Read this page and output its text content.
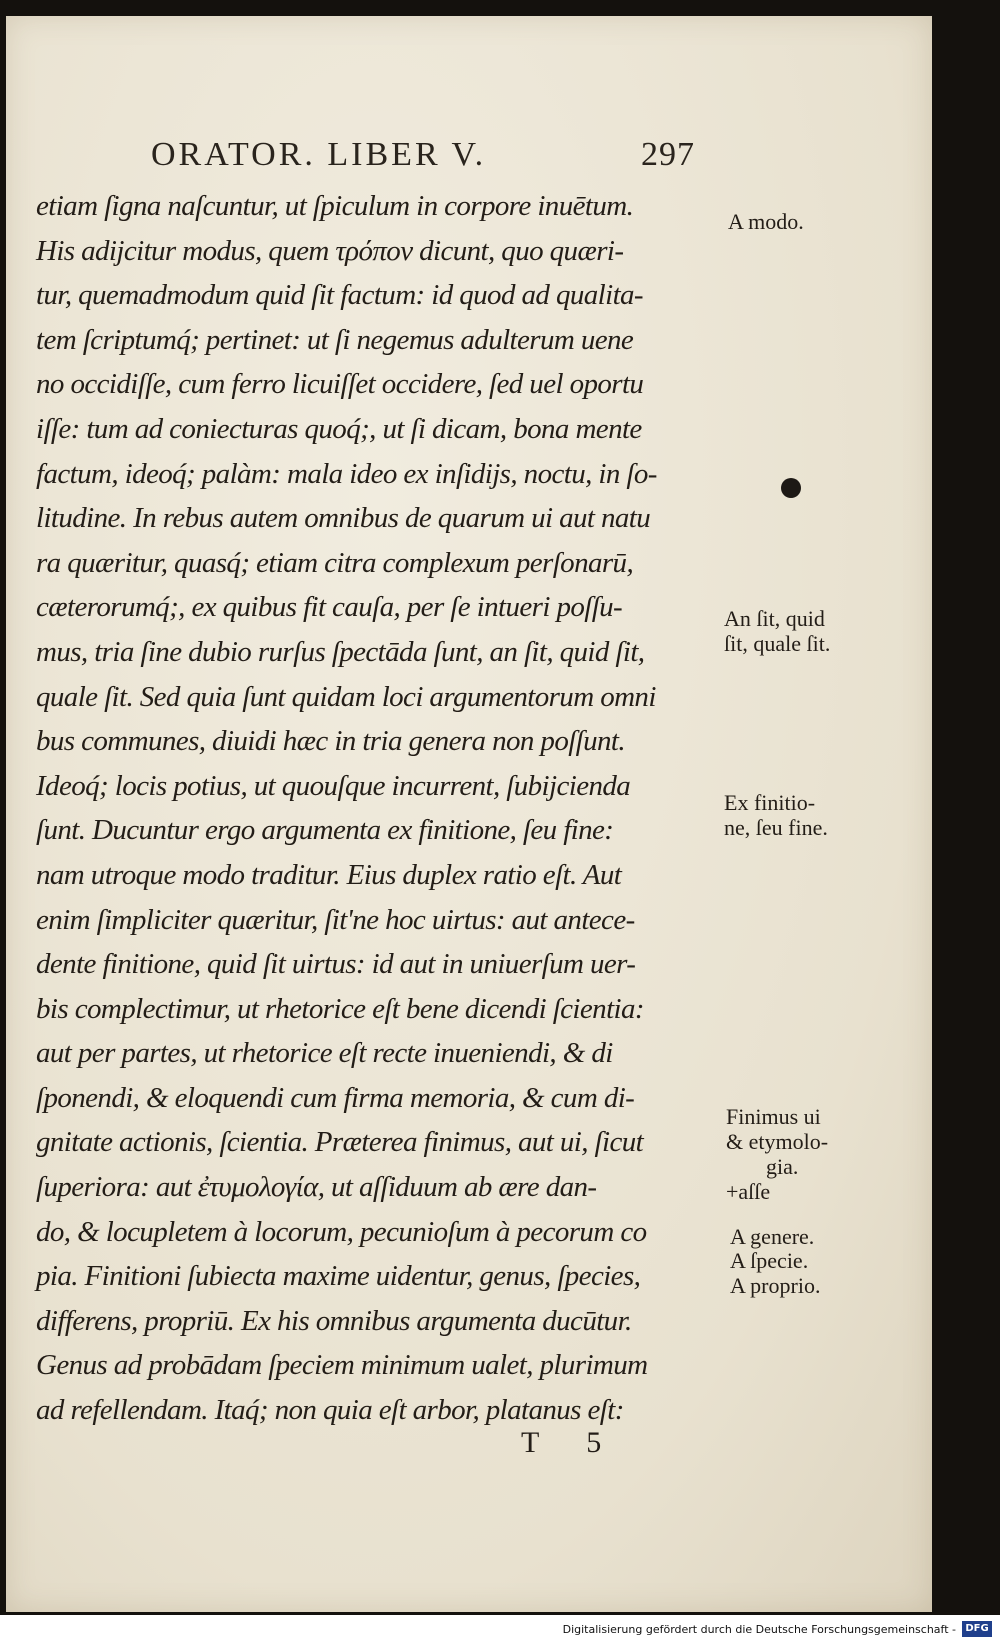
ORATOR. LIBER V.	297
etiam ſigna naſcuntur, ut ſpiculum in corpore inuētum.
His adijcitur modus, quem τρόπον dicunt, quo quæri-
tur, quemadmodum quid ſit factum: id quod ad qualita-
tem ſcriptumq́; pertinet: ut ſi negemus adulterum uene
no occidiſſe, cum ferro licuiſſet occidere, ſed uel oportu
iſſe: tum ad coniecturas quoq́;, ut ſi dicam, bona mente
factum, ideoq́; palàm: mala ideo ex inſidijs, noctu, in ſo-
litudine. In rebus autem omnibus de quarum ui aut natu
ra quæritur, quasq́; etiam citra complexum perſonarū,
cæterorumq́;, ex quibus fit cauſa, per ſe intueri poſſu-
mus, tria ſine dubio rurſus ſpectāda ſunt, an ſit, quid ſit,
quale ſit. Sed quia ſunt quidam loci argumentorum omni
bus communes, diuidi hæc in tria genera non poſſunt.
Ideoq́; locis potius, ut quouſque incurrent, ſubijcienda
ſunt. Ducuntur ergo argumenta ex finitione, ſeu fine:
nam utroque modo traditur. Eius duplex ratio eſt. Aut
enim ſimpliciter quæritur, ſit'ne hoc uirtus: aut antece-
dente finitione, quid ſit uirtus: id aut in uniuerſum uer-
bis complectimur, ut rhetorice eſt bene dicendi ſcientia:
aut per partes, ut rhetorice eſt recte inueniendi, & di
ſponendi, & eloquendi cum firma memoria, & cum di-
gnitate actionis, ſcientia. Præterea finimus, aut ui, ſicut
ſuperiora: aut ἐτυμολογία, ut aſſiduum ab ære dan-
do, & locupletem à locorum, pecunioſum à pecorum co
pia. Finitioni ſubiecta maxime uidentur, genus, ſpecies,
differens, propriū. Ex his omnibus argumenta ducūtur.
Genus ad probādam ſpeciem minimum ualet, plurimum
ad refellendam. Itaq́; non quia eſt arbor, platanus eſt:
T 5
A modo.
An ſit, quid
ſit, quale ſit.
Ex finitio-
ne, ſeu fine.
Finimus ui
& etymolo-
gia.
+aſſe
A genere.
A ſpecie.
A proprio.
Digitalisierung gefördert durch die Deutsche Forschungsgemeinschaft - DFG
